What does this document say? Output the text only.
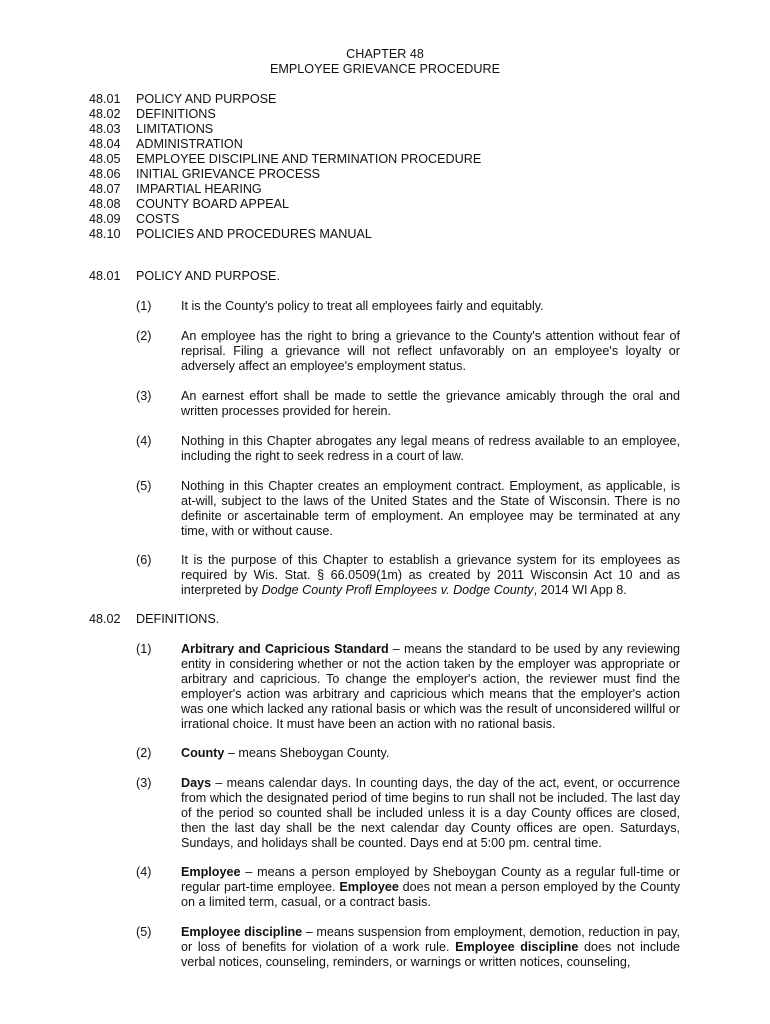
CHAPTER 48
EMPLOYEE GRIEVANCE PROCEDURE
48.01 POLICY AND PURPOSE
48.02 DEFINITIONS
48.03 LIMITATIONS
48.04 ADMINISTRATION
48.05 EMPLOYEE DISCIPLINE AND TERMINATION PROCEDURE
48.06 INITIAL GRIEVANCE PROCESS
48.07 IMPARTIAL HEARING
48.08 COUNTY BOARD APPEAL
48.09 COSTS
48.10 POLICIES AND PROCEDURES MANUAL
48.01 POLICY AND PURPOSE.
(1)	It is the County's policy to treat all employees fairly and equitably.
(2)	An employee has the right to bring a grievance to the County's attention without fear of reprisal. Filing a grievance will not reflect unfavorably on an employee's loyalty or adversely affect an employee's employment status.
(3)	An earnest effort shall be made to settle the grievance amicably through the oral and written processes provided for herein.
(4)	Nothing in this Chapter abrogates any legal means of redress available to an employee, including the right to seek redress in a court of law.
(5)	Nothing in this Chapter creates an employment contract. Employment, as applicable, is at-will, subject to the laws of the United States and the State of Wisconsin. There is no definite or ascertainable term of employment. An employee may be terminated at any time, with or without cause.
(6)	It is the purpose of this Chapter to establish a grievance system for its employees as required by Wis. Stat. § 66.0509(1m) as created by 2011 Wisconsin Act 10 and as interpreted by Dodge County Profl Employees v. Dodge County, 2014 WI App 8.
48.02 DEFINITIONS.
(1)	Arbitrary and Capricious Standard – means the standard to be used by any reviewing entity in considering whether or not the action taken by the employer was appropriate or arbitrary and capricious. To change the employer's action, the reviewer must find the employer's action was arbitrary and capricious which means that the employer's action was one which lacked any rational basis or which was the result of unconsidered willful or irrational choice. It must have been an action with no rational basis.
(2)	County – means Sheboygan County.
(3)	Days – means calendar days. In counting days, the day of the act, event, or occurrence from which the designated period of time begins to run shall not be included. The last day of the period so counted shall be included unless it is a day County offices are closed, then the last day shall be the next calendar day County offices are open. Saturdays, Sundays, and holidays shall be counted. Days end at 5:00 pm. central time.
(4)	Employee – means a person employed by Sheboygan County as a regular full-time or regular part-time employee. Employee does not mean a person employed by the County on a limited term, casual, or a contract basis.
(5)	Employee discipline – means suspension from employment, demotion, reduction in pay, or loss of benefits for violation of a work rule. Employee discipline does not include verbal notices, counseling, reminders, or warnings or written notices, counseling,
